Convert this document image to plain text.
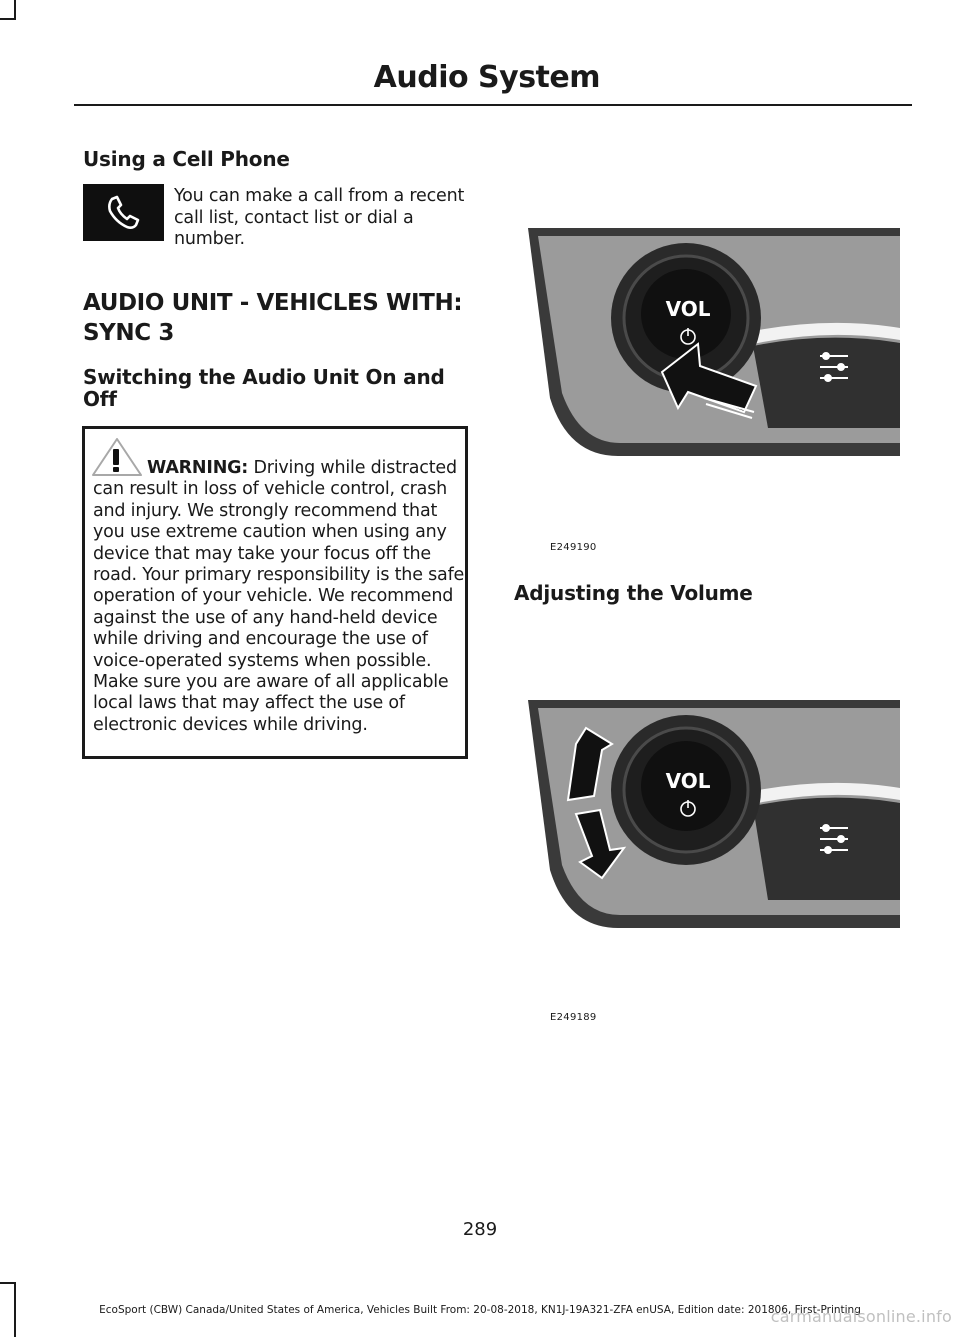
Audio System
Using a Cell Phone
You can make a call from a recent call list, contact list or dial a number.
AUDIO UNIT - VEHICLES WITH:
SYNC 3
Switching the Audio Unit On and Off
WARNING: Driving while distracted can result in loss of vehicle control, crash and injury. We strongly recommend that you use extreme caution when using any device that may take your focus off the road. Your primary responsibility is the safe operation of your vehicle. We recommend against the use of any hand-held device while driving and encourage the use of voice-operated systems when possible. Make sure you are aware of all applicable local laws that may affect the use of electronic devices while driving.
VOL
E249190
Adjusting the Volume
VOL
E249189
289
EcoSport (CBW) Canada/United States of America, Vehicles Built From: 20-08-2018, KN1J-19A321-ZFA enUSA, Edition date: 201806, First-Printing
carmanualsonline.info
